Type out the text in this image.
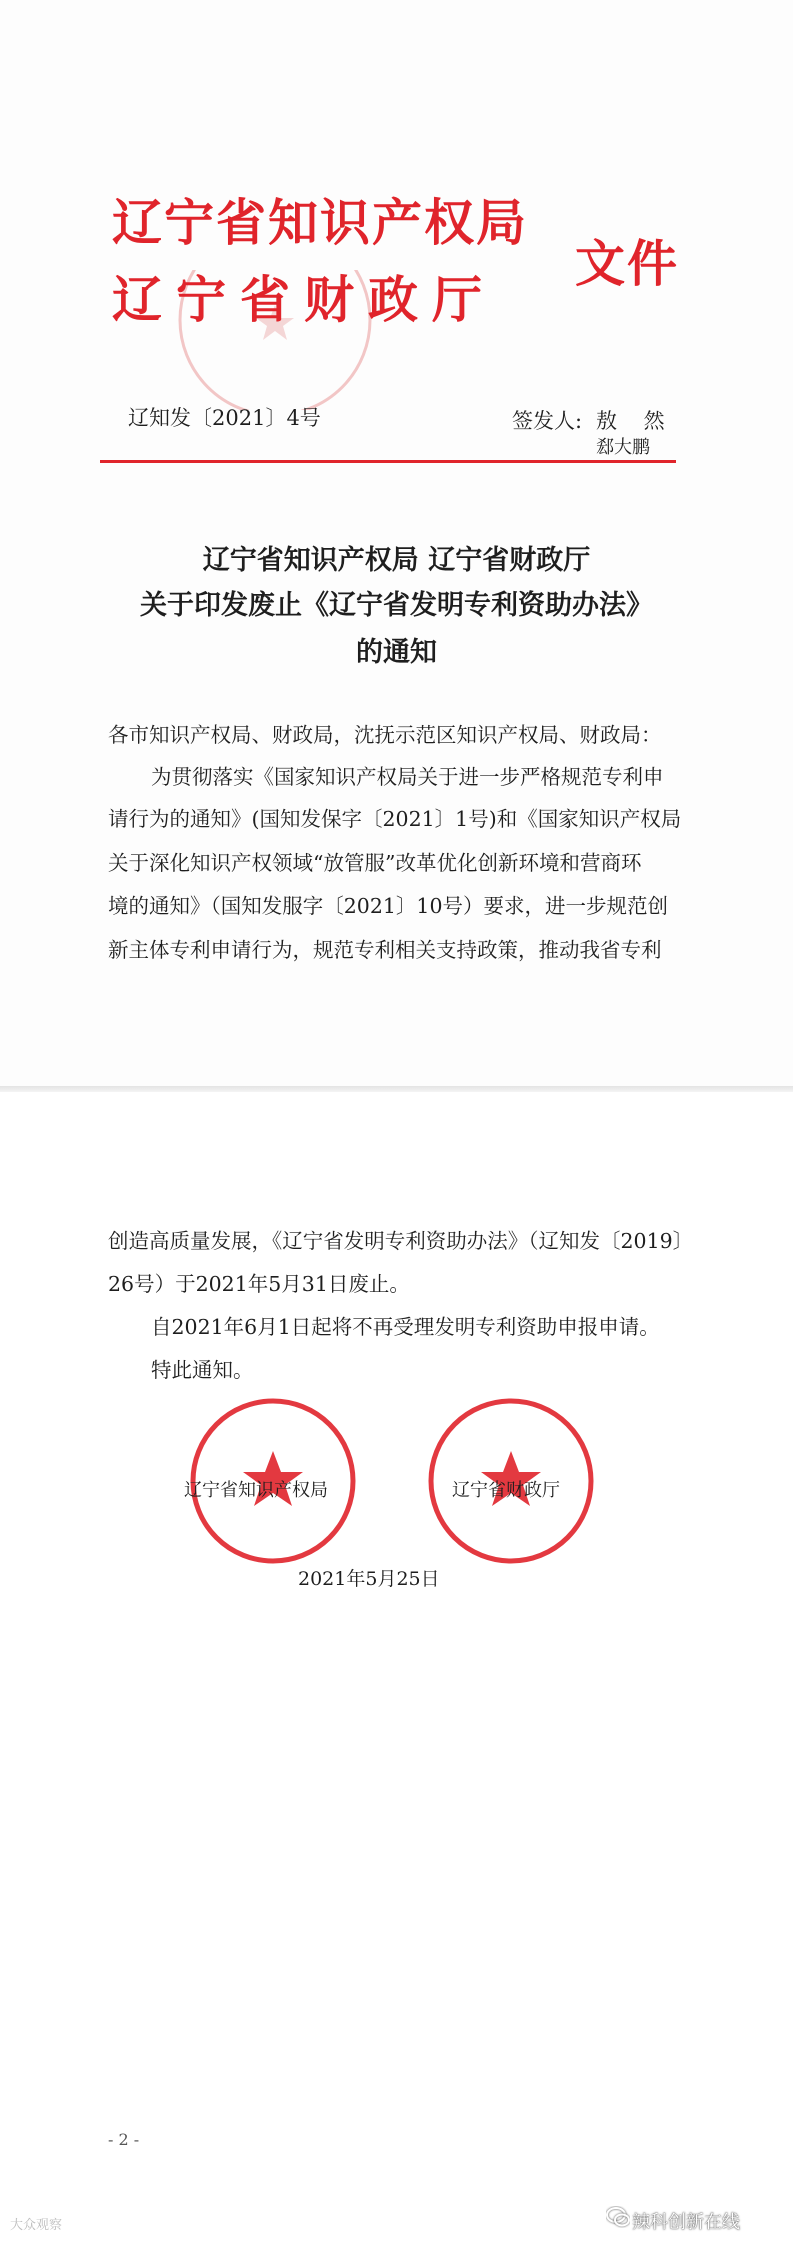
辽宁省知识产权局
辽宁省财政厅
文件
辽知发〔2021〕4号	签发人: 敖 然
郄大鹏
辽宁省知识产权局 辽宁省财政厅
关于印发废止《辽宁省发明专利资助办法》
的通知
各市知识产权局、财政局，沈抚示范区知识产权局、财政局：
为贯彻落实《国家知识产权局关于进一步严格规范专利申
请行为的通知》(国知发保字〔2021〕1号)和《国家知识产权局
关于深化知识产权领域“放管服”改革优化创新环境和营商环
境的通知》（国知发服字〔2021〕10号）要求，进一步规范创
新主体专利申请行为，规范专利相关支持政策，推动我省专利
创造高质量发展，《辽宁省发明专利资助办法》（辽知发〔2019〕
26号）于2021年5月31日废止。
自2021年6月1日起将不再受理发明专利资助申报申请。
特此通知。
辽宁省知识产权局	辽宁省财政厅
2021年5月25日
- 2 -
大众观察	辣科创新在线
